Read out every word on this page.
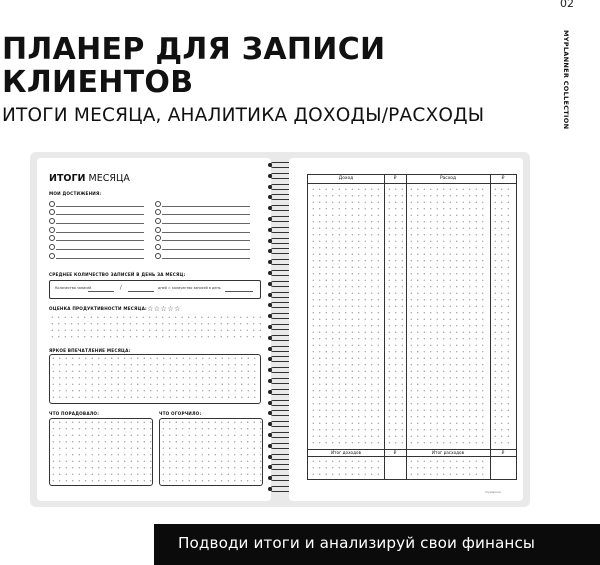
02
MYPLANNER COLLECTION
ПЛАНЕР ДЛЯ ЗАПИСИ
КЛИЕНТОВ
ИТОГИ МЕСЯЦА, АНАЛИТИКА ДОХОДЫ/РАСХОДЫ
ИТОГИ МЕСЯЦА
МОИ ДОСТИЖЕНИЯ:
СРЕДНЕЕ КОЛИЧЕСТВО ЗАПИСЕЙ В ДЕНЬ ЗА МЕСЯЦ:
Количество записей	/	дней = количество записей в день
ОЦЕНКА ПРОДУКТИВНОСТИ МЕСЯЦА: ☆☆☆☆☆
ЯРКОЕ ВПЕЧАТЛЕНИЕ МЕСЯЦА:
ЧТО ПОРАДОВАЛО:	ЧТО ОГОРЧИЛО:
Доход	₽	Расход	₽
Итог доходов	₽	Итог расходов	₽
myplanner
Подводи итоги и анализируй свои финансы
